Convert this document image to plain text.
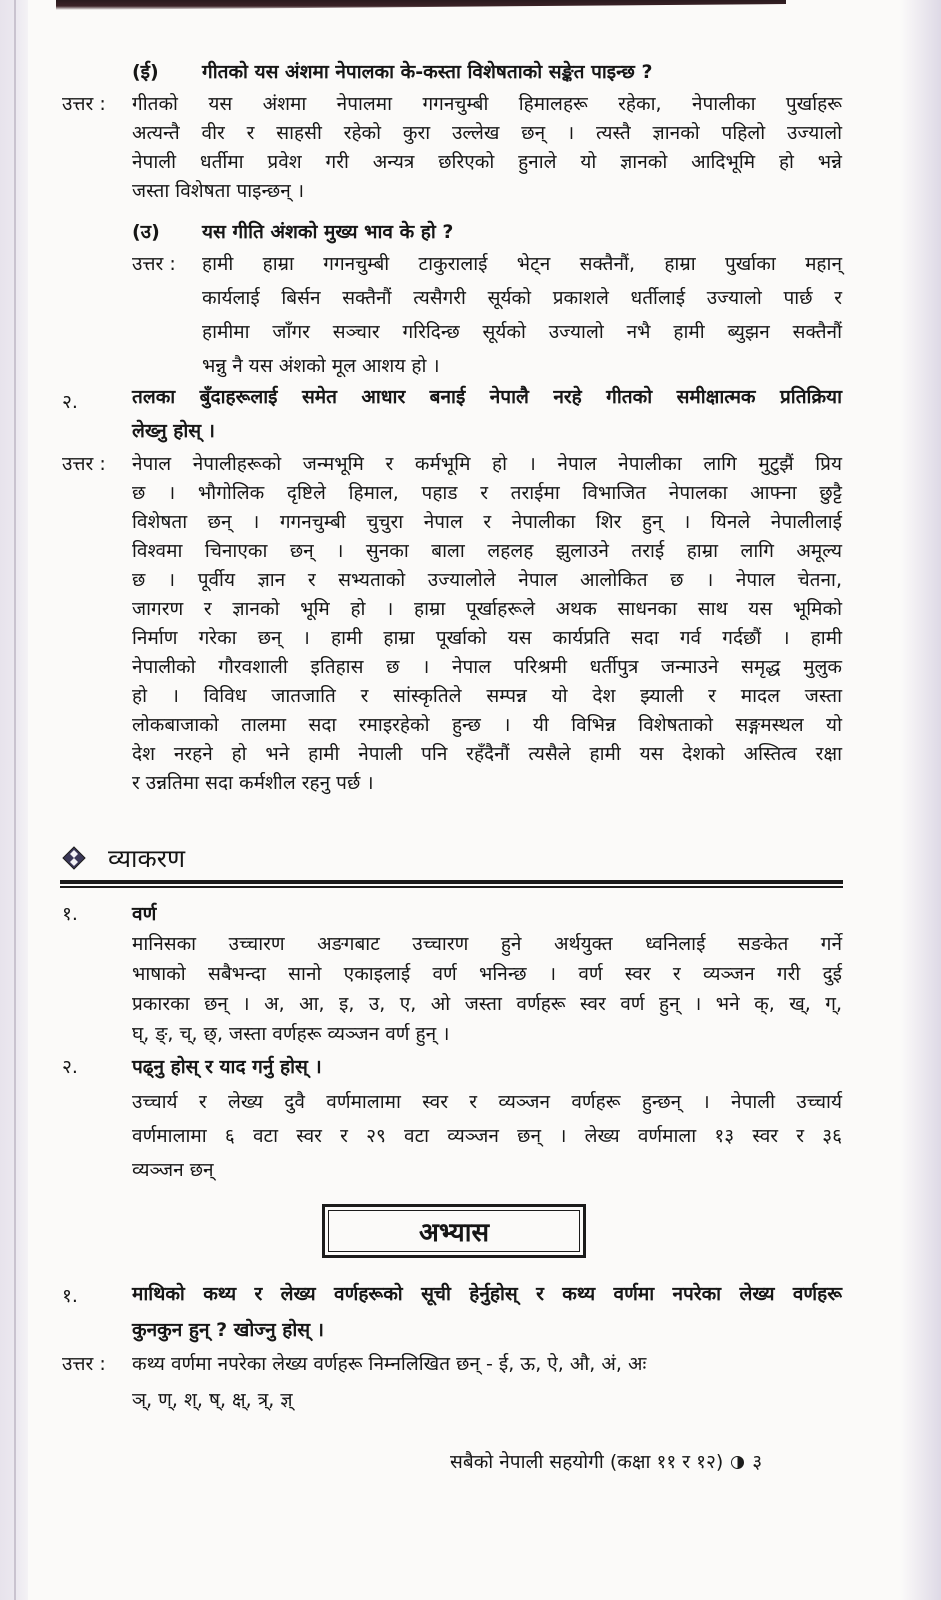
(ई) गीतको यस अंशमा नेपालका के-कस्ता विशेषताको सङ्केत पाइन्छ ?
उत्तर : गीतको यस अंशमा नेपालमा गगनचुम्बी हिमालहरू रहेका, नेपालीका पुर्खाहरू
अत्यन्तै वीर र साहसी रहेको कुरा उल्लेख छन् । त्यस्तै ज्ञानको पहिलो उज्यालो
नेपाली धर्तीमा प्रवेश गरी अन्यत्र छरिएको हुनाले यो ज्ञानको आदिभूमि हो भन्ने
जस्ता विशेषता पाइन्छन् ।
(उ) यस गीति अंशको मुख्य भाव के हो ?
उत्तर : हामी हाम्रा गगनचुम्बी टाकुरालाई भेट्न सक्तैनौं, हाम्रा पुर्खाका महान्
कार्यलाई बिर्सन सक्तैनौं त्यसैगरी सूर्यको प्रकाशले धर्तीलाई उज्यालो पार्छ र
हामीमा जाँगर सञ्चार गरिदिन्छ सूर्यको उज्यालो नभै हामी ब्युझन सक्तैनौं
भन्नु नै यस अंशको मूल आशय हो ।
२.	तलका बुँदाहरूलाई समेत आधार बनाई नेपालै नरहे गीतको समीक्षात्मक प्रतिक्रिया
लेख्नु होस् ।
उत्तर : नेपाल नेपालीहरूको जन्मभूमि र कर्मभूमि हो । नेपाल नेपालीका लागि मुटुझैं प्रिय
छ । भौगोलिक दृष्टिले हिमाल, पहाड र तराईमा विभाजित नेपालका आफ्ना छुट्टै
विशेषता छन् । गगनचुम्बी चुचुरा नेपाल र नेपालीका शिर हुन् । यिनले नेपालीलाई
विश्वमा चिनाएका छन् । सुनका बाला लहलह झुलाउने तराई हाम्रा लागि अमूल्य
छ । पूर्वीय ज्ञान र सभ्यताको उज्यालोले नेपाल आलोकित छ । नेपाल चेतना,
जागरण र ज्ञानको भूमि हो । हाम्रा पूर्खाहरूले अथक साधनका साथ यस भूमिको
निर्माण गरेका छन् । हामी हाम्रा पूर्खाको यस कार्यप्रति सदा गर्व गर्दछौं । हामी
नेपालीको गौरवशाली इतिहास छ । नेपाल परिश्रमी धर्तीपुत्र जन्माउने समृद्ध मुलुक
हो । विविध जातजाति र सांस्कृतिले सम्पन्न यो देश झ्याली र मादल जस्ता
लोकबाजाको तालमा सदा रमाइरहेको हुन्छ । यी विभिन्न विशेषताको सङ्गमस्थल यो
देश नरहने हो भने हामी नेपाली पनि रहँदैनौं त्यसैले हामी यस देशको अस्तित्व रक्षा
र उन्नतिमा सदा कर्मशील रहनु पर्छ ।
व्याकरण
१.	वर्ण
मानिसका उच्चारण अङगबाट उच्चारण हुने अर्थयुक्त ध्वनिलाई सङकेत गर्ने
भाषाको सबैभन्दा सानो एकाइलाई वर्ण भनिन्छ । वर्ण स्वर र व्यञ्जन गरी दुई
प्रकारका छन् । अ, आ, इ, उ, ए, ओ जस्ता वर्णहरू स्वर वर्ण हुन् । भने क्, ख्, ग्,
घ्, ङ्, च्, छ्, जस्ता वर्णहरू व्यञ्जन वर्ण हुन् ।
२.	पढ्नु होस् र याद गर्नु होस् ।
उच्चार्य र लेख्य दुवै वर्णमालामा स्वर र व्यञ्जन वर्णहरू हुन्छन् । नेपाली उच्चार्य
वर्णमालामा ६ वटा स्वर र २९ वटा व्यञ्जन छन् । लेख्य वर्णमाला १३ स्वर र ३६
व्यञ्जन छन्
अभ्यास
१.	माथिको कथ्य र लेख्य वर्णहरूको सूची हेर्नुहोस् र कथ्य वर्णमा नपरेका लेख्य वर्णहरू
कुनकुन हुन् ? खोज्नु होस् ।
उत्तर : कथ्य वर्णमा नपरेका लेख्य वर्णहरू निम्नलिखित छन् - ई, ऊ, ऐ, औ, अं, अः
ञ्, ण्, श्, ष्, क्ष्, त्र्, ज्ञ्
सबैको नेपाली सहयोगी (कक्षा ११ र १२) ३
